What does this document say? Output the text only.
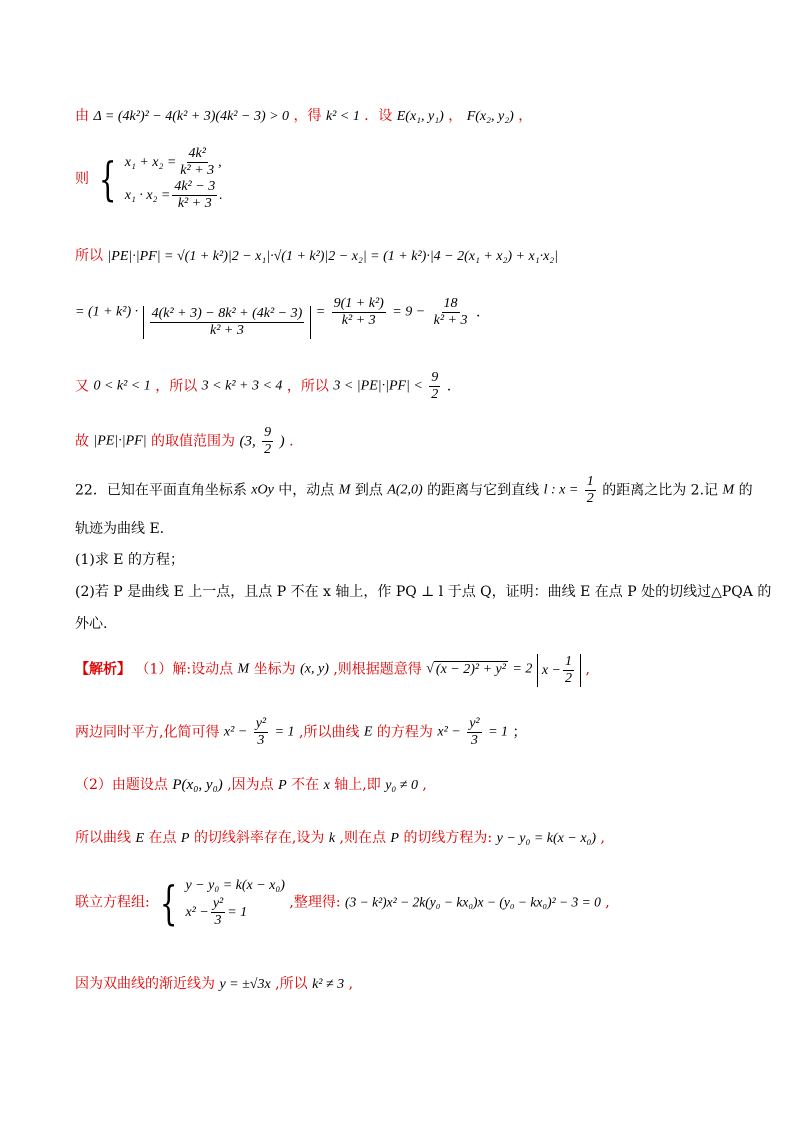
由 Δ = (4k²)² − 4(k² + 3)(4k² − 3) > 0 ，得 k² < 1 ．设 E(x₁, y₁) ， F(x₂, y₂) ，
则 { $x_1 + x_2 = \frac{\text{4k²}}{\text{k² + 3}}$ ,
$x_1 \cdot x_2 = \frac{\text{4k² − 3}}{\text{k² + 3}}$ .
所以 |PE|·|PF| = √(1 + k²)|2 − x₁|·√(1 + k²)|2 − x₂| = (1 + k²)·|4 − 2(x₁ + x₂) + x₁·x₂|
= $(1 + k^2) \cdot \frac{\text{4(k² + 3) − 8k² + (4k² − 3)}}{\text{k² + 3}} = \frac{\text{9(1 + k²)}}{\text{k² + 3}} = 9 - \frac{18}{\text{k² + 3}}$ .
又 0 < k² < 1 ，所以 3 < k² + 3 < 4 ，所以 $3 < |PE|\cdot|PF| < \frac{9}{2}$ .
故 |PE|·|PF| 的取值范围为 (3, $\frac{9}{2}$ ) .
22．已知在平面直角坐标系 xOy 中，动点 M 到点 A(2,0) 的距离与它到直线 l : $x = \frac{1}{2}$ 的距离之比为 2.记 M 的
轨迹为曲线 E.
(1)求 E 的方程；
(2)若 P 是曲线 E 上一点，且点 P 不在 x 轴上，作 PQ ⊥ l 于点 Q，证明：曲线 E 在点 P 处的切线过△PQA 的
外心.
【解析】 （1）解:设动点 M 坐标为 (x, y) ,则根据题意得 √ (x − 2)² + y² = 2 $x - \frac{1}{2}$ ,
两边同时平方,化简可得 $x^2 - \frac{\text{y²}}{3} = 1$ ,所以曲线 E 的方程为 $x^2 - \frac{\text{y²}}{3} = 1$ ；
（2）由题设点 P(x₀, y₀) ,因为点 P 不在 x 轴上,即 y₀ ≠ 0 ,
所以曲线 E 在点 P 的切线斜率存在,设为 k ,则在点 P 的切线方程为: y − y₀ = k(x − x₀) ,
联立方程组: { y − y₀ = k(x − x₀)
$x^2 - \frac{\text{y²}}{3} = 1$
,整理得: (3 − k²)x² − 2k(y₀ − kx₀)x − (y₀ − kx₀)² − 3 = 0 ,
因为双曲线的渐近线为 y = ±√3x ,所以 k² ≠ 3 ,
